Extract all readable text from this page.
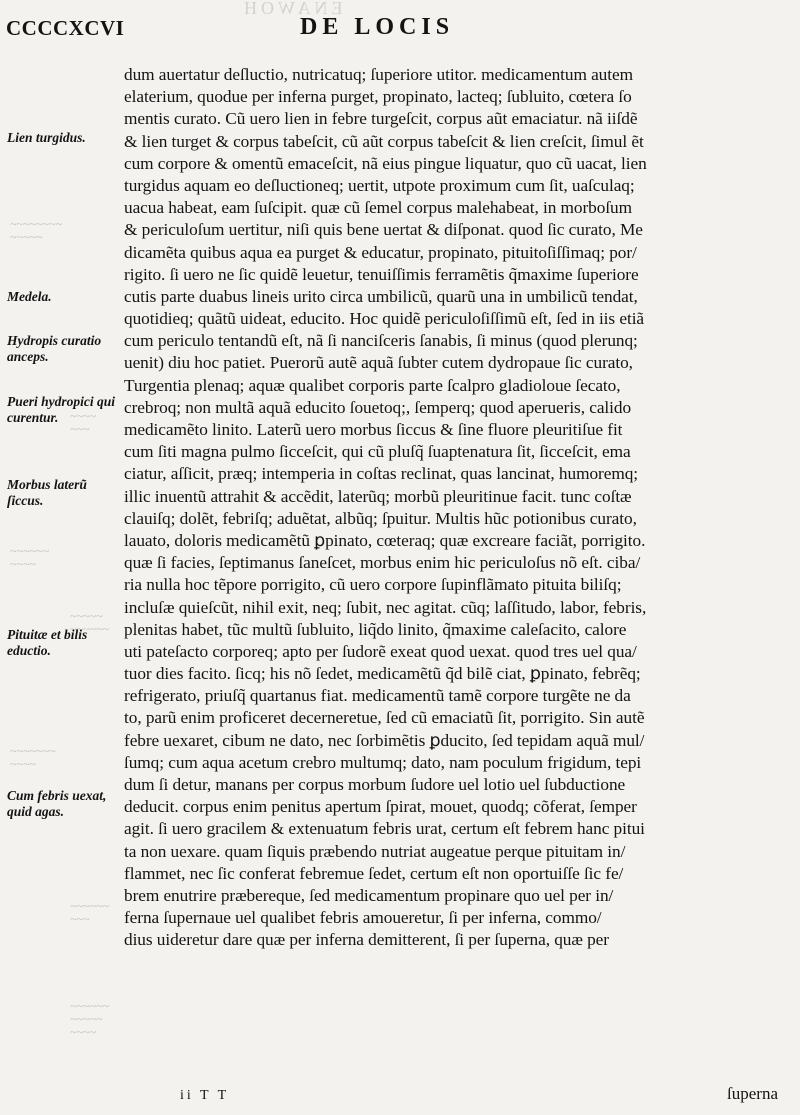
ENAWOH
~~~~~~~~
~~~~~
~~~~
~~~
~~~~~~
~~~~
~~~~~
~~~~~~
~~~~~~~
~~~~
~~~~~~
~~~
~~~~~~
~~~~~
~~~~
CCCCXCVI	DE LOCIS
Lien turgidus.
Medela.
Hydropis curatio anceps.
Pueri hydropici qui curentur.
Morbus laterũ ſiccus.
Pituitæ et bilis eductio.
Cum febris uexat, quid agas.
dum auertatur deſluctio, nutricatuq; ſuperiore utitor. medicamentum autem
elaterium, quodue per inferna purget, propinato, lacteq; ſubluito, cœtera ſo
mentis curato. Cũ uero lien in febre turgeſcit, corpus aũt emaciatur. nã iiſdẽ
& lien turget & corpus tabeſcit, cũ aũt corpus tabeſcit & lien creſcit, ſimul ẽt
cum corpore & omentũ emaceſcit, nã eius pingue liquatur, quo cũ uacat, lien
turgidus aquam eo deſluctioneq; uertit, utpote proximum cum ſit, uaſculaq;
uacua habeat, eam ſuſcipit. quæ cũ ſemel corpus malehabeat, in morboſum
& periculoſum uertitur, niſi quis bene uertat & diſponat. quod ſic curato, Me
dicamẽta quibus aqua ea purget & educatur, propinato, pituitoſiſſimaq; por/
rigito. ſi uero ne ſic quidẽ leuetur, tenuiſſimis ferramẽtis q̃maxime ſuperiore
cutis parte duabus lineis urito circa umbilicũ, quarũ una in umbilicũ tendat,
quotidieq; quãtũ uideat, educito. Hoc quidẽ periculoſiſſimũ eſt, ſed in iis etiã
cum periculo tentandũ eſt, nã ſi nanciſceris ſanabis, ſi minus (quod plerunq;
uenit) diu hoc patiet. Puerorũ autẽ aquã ſubter cutem dydropaue ſic curato,
Turgentia plenaq; aquæ qualibet corporis parte ſcalpro gladioloue ſecato,
crebroq; non multã aquã educito ſouetoq;, ſemperq; quod aperueris, calido
medicamẽto linito. Laterũ uero morbus ſiccus & ſine fluore pleuritiſue fit
cum ſiti magna pulmo ſicceſcit, qui cũ pluſq̃ ſuaptenatura ſit, ſicceſcit, ema
ciatur, aſſicit, præq; intemperia in coſtas reclinat, quas lancinat, humoremq;
illic inuentũ attrahit & accẽdit, laterũq; morbũ pleuritinue facit. tunc coſtæ
clauiſq; dolẽt, febriſq; aduẽtat, albũq; ſpuitur. Multis hũc potionibus curato,
lauato, doloris medicamẽtũ ꝑpinato, cœteraq; quæ excreare faciãt, porrigito.
quæ ſi facies, ſeptimanus ſaneſcet, morbus enim hic periculoſus nõ eſt. ciba/
ria nulla hoc tẽpore porrigito, cũ uero corpore ſupinflãmato pituita biliſq;
incluſæ quieſcũt, nihil exit, neq; ſubit, nec agitat. cũq; laſſitudo, labor, febris,
plenitas habet, tũc multũ ſubluito, liq̃do linito, q̃maxime caleſacito, calore
uti pateſacto corporeq; apto per ſudorẽ exeat quod uexat. quod tres uel qua/
tuor dies facito. ſicq; his nõ ſedet, medicamẽtũ q̃d bilẽ ciat, ꝑpinato, febrẽq;
refrigerato, priuſq̃ quartanus fiat. medicamentũ tamẽ corpore turgẽte ne da
to, parũ enim proficeret decerneretue, ſed cũ emaciatũ ſit, porrigito. Sin autẽ
febre uexaret, cibum ne dato, nec ſorbimẽtis ꝑducito, ſed tepidam aquã mul/
ſumq; cum aqua acetum crebro multumq; dato, nam poculum frigidum, tepi
dum ſi detur, manans per corpus morbum ſudore uel lotio uel ſubductione
deducit. corpus enim penitus apertum ſpirat, mouet, quodq; cõferat, ſemper
agit. ſi uero gracilem & extenuatum febris urat, certum eſt febrem hanc pitui
ta non uexare. quam ſiquis præbendo nutriat augeatue perque pituitam in/
flammet, nec ſic conferat febremue ſedet, certum eſt non oportuiſſe ſic fe/
brem enutrire præbereque, ſed medicamentum propinare quo uel per in/
ferna ſupernaue uel qualibet febris amoueretur, ſi per inferna, commo/
dius uideretur dare quæ per inferna demitterent, ſi per ſuperna, quæ per
ii T T	ſuperna
